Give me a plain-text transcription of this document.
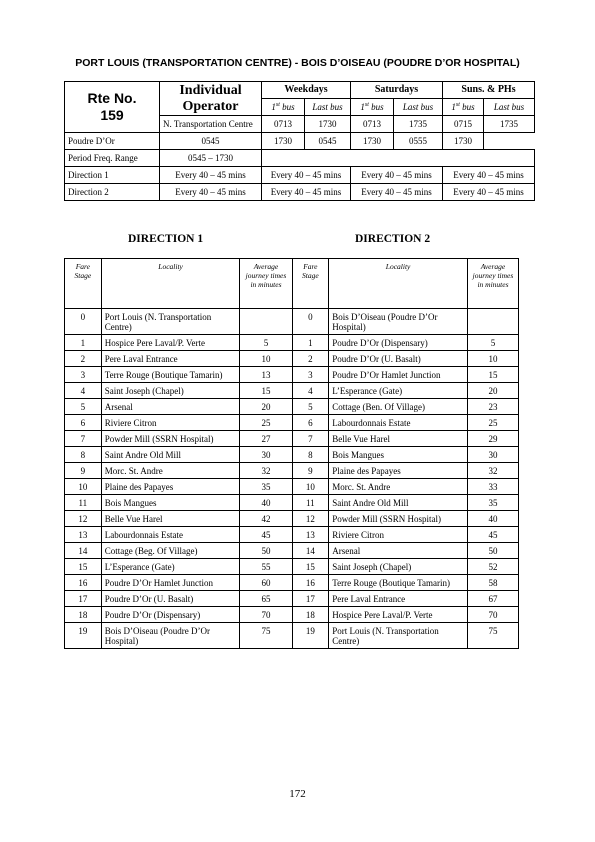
PORT LOUIS (TRANSPORTATION CENTRE) - BOIS D’OISEAU (POUDRE D’OR HOSPITAL)
Rte No.
159	Individual Operator	Weekdays		Saturdays		Suns. & PHs	
		1st bus	Last bus	1st bus	Last bus	1st bus	Last bus
	N. Transportation Centre	0713	1730	0713	1735	0715	1735
Poudre D’Or	0545	1730	0545	1730	0555	1730	
Period Freq. Range	0545 – 1730						
Direction 1	Every 40 – 45 mins	Every 40 – 45 mins		Every 40 – 45 mins		Every 40 – 45 mins	
Direction 2	Every 40 – 45 mins	Every 40 – 45 mins		Every 40 – 45 mins		Every 40 – 45 mins	
DIRECTION 1	DIRECTION 2
Fare Stage	Locality	Average journey times in minutes	Fare Stage	Locality	Average journey times in minutes
0	Port Louis (N. Transportation Centre)		0	Bois D’Oiseau (Poudre D’Or Hospital)	
1	Hospice Pere Laval/P. Verte	5	1	Poudre D’Or (Dispensary)	5
2	Pere Laval Entrance	10	2	Poudre D’Or (U. Basalt)	10
3	Terre Rouge (Boutique Tamarin)	13	3	Poudre D’Or Hamlet Junction	15
4	Saint Joseph (Chapel)	15	4	L’Esperance (Gate)	20
5	Arsenal	20	5	Cottage (Ben. Of Village)	23
6	Riviere Citron	25	6	Labourdonnais Estate	25
7	Powder Mill (SSRN Hospital)	27	7	Belle Vue Harel	29
8	Saint Andre Old Mill	30	8	Bois Mangues	30
9	Morc. St. Andre	32	9	Plaine des Papayes	32
10	Plaine des Papayes	35	10	Morc. St. Andre	33
11	Bois Mangues	40	11	Saint Andre Old Mill	35
12	Belle Vue Harel	42	12	Powder Mill (SSRN Hospital)	40
13	Labourdonnais Estate	45	13	Riviere Citron	45
14	Cottage (Beg. Of Village)	50	14	Arsenal	50
15	L’Esperance (Gate)	55	15	Saint Joseph (Chapel)	52
16	Poudre D’Or Hamlet Junction	60	16	Terre Rouge (Boutique Tamarin)	58
17	Poudre D’Or (U. Basalt)	65	17	Pere Laval Entrance	67
18	Poudre D’Or (Dispensary)	70	18	Hospice Pere Laval/P. Verte	70
19	Bois D’Oiseau (Poudre D’Or Hospital)	75	19	Port Louis (N. Transportation Centre)	75
172
